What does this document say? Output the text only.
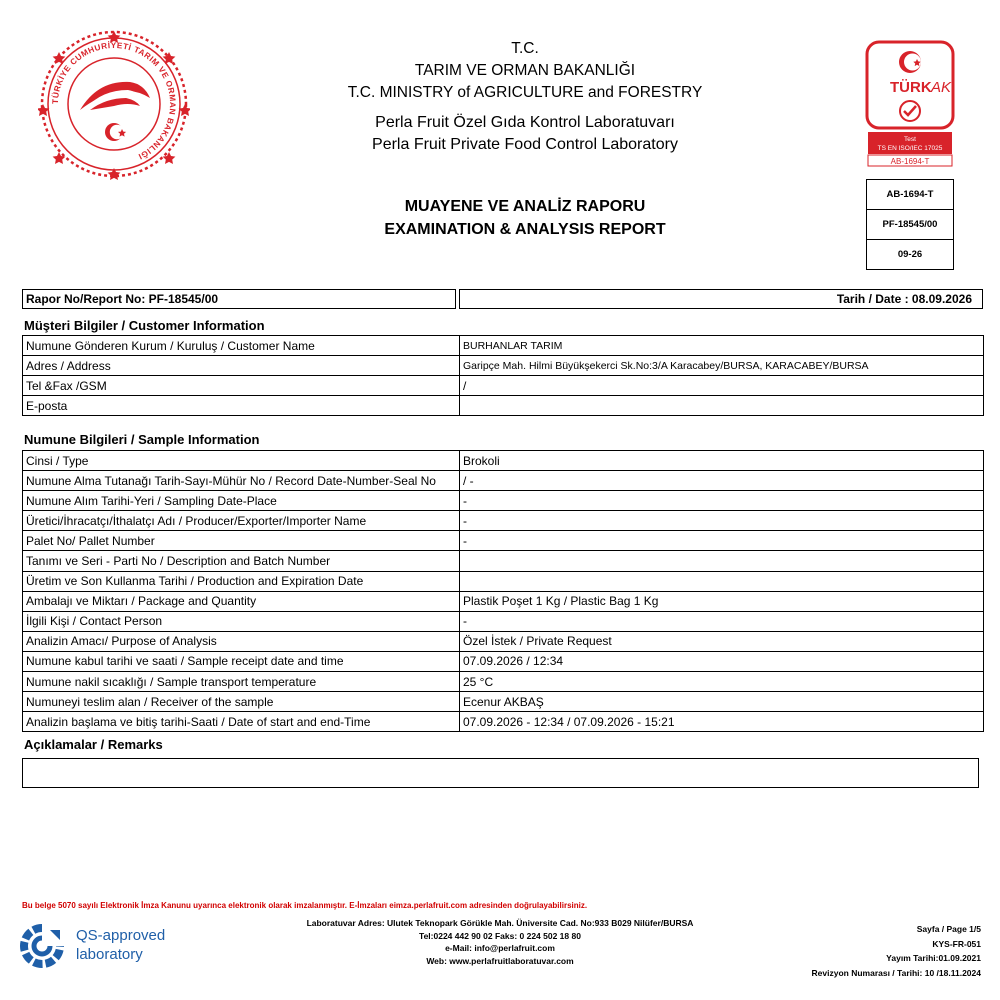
TÜRKİYE CUMHURİYETİ TARIM VE ORMAN BAKANLIĞI
T.C.
TARIM VE ORMAN BAKANLIĞI
T.C. MINISTRY of AGRICULTURE and FORESTRY
Perla Fruit Özel Gıda Kontrol Laboratuvarı
Perla Fruit Private Food Control Laboratory
MUAYENE VE ANALİZ RAPORU
EXAMINATION & ANALYSIS REPORT
TÜRK AK
Test
TS EN ISO/IEC 17025
AB-1694-T
AB-1694-T
PF-18545/00
09-26
Rapor No/Report No: PF-18545/00	Tarih / Date : 08.09.2026
Müşteri Bilgiler / Customer Information
Numune Gönderen Kurum / Kuruluş / Customer Name	BURHANLAR TARIM
Adres / Address	Garipçe Mah. Hilmi Büyükşekerci Sk.No:3/A Karacabey/BURSA, KARACABEY/BURSA
Tel &Fax /GSM	/
E-posta	
Numune Bilgileri / Sample Information
Cinsi / Type	Brokoli
Numune Alma Tutanağı Tarih-Sayı-Mühür No / Record Date-Number-Seal No	/ -
Numune Alım Tarihi-Yeri / Sampling Date-Place	-
Üretici/İhracatçı/İthalatçı Adı / Producer/Exporter/Importer Name	-
Palet No/ Pallet Number	-
Tanımı ve Seri - Parti No / Description and Batch Number	
Üretim ve Son Kullanma Tarihi / Production and Expiration Date	
Ambalajı ve Miktarı / Package and Quantity	Plastik Poşet 1 Kg / Plastic Bag 1 Kg
İlgili Kişi / Contact Person	-
Analizin Amacı/ Purpose of Analysis	Özel İstek / Private Request
Numune kabul tarihi ve saati / Sample receipt date and time	07.09.2026 / 12:34
Numune nakil sıcaklığı / Sample transport temperature	25 °C
Numuneyi teslim alan / Receiver of the sample	Ecenur AKBAŞ
Analizin başlama ve bitiş tarihi-Saati / Date of start and end-Time	07.09.2026 - 12:34 / 07.09.2026 - 15:21
Açıklamalar / Remarks
Bu belge 5070 sayılı Elektronik İmza Kanunu uyarınca elektronik olarak imzalanmıştır. E-İmzaları eimza.perlafruit.com adresinden doğrulayabilirsiniz.
QS-approved
laboratory
Laboratuvar Adres: Ulutek Teknopark Görükle Mah. Üniversite Cad. No:933 B029 Nilüfer/BURSA
Tel:0224 442 90 02 Faks: 0 224 502 18 80
e-Mail: info@perlafruit.com
Web: www.perlafruitlaboratuvar.com
Sayfa / Page 1/5
KYS-FR-051
Yayım Tarihi:01.09.2021
Revizyon Numarası / Tarihi: 10 /18.11.2024
